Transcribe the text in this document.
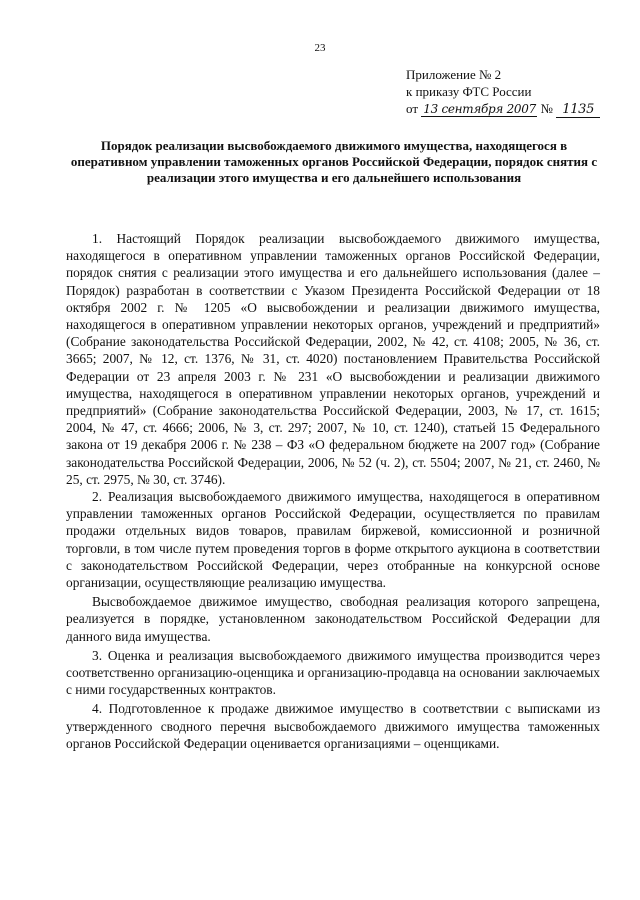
23
Приложение № 2
к приказу ФТС России
от 13 сентября 2007 № 1135
Порядок реализации высвобождаемого движимого имущества, находящегося в оперативном управлении таможенных органов Российской Федерации, порядок снятия с реализации этого имущества и его дальнейшего использования

1. Настоящий Порядок реализации высвобождаемого движимого имущества, находящегося в оперативном управлении таможенных органов Российской Федерации, порядок снятия с реализации этого имущества и его дальнейшего использования (далее – Порядок) разработан в соответствии с Указом Президента Российской Федерации от 18 октября 2002 г. № 1205 «О высвобождении и реализации движимого имущества, находящегося в оперативном управлении некоторых органов, учреждений и предприятий» (Собрание законодательства Российской Федерации, 2002, № 42, ст. 4108; 2005, № 36, ст. 3665; 2007, № 12, ст. 1376, № 31, ст. 4020) постановлением Правительства Российской Федерации от 23 апреля 2003 г. № 231 «О высвобождении и реализации движимого имущества, находящегося в оперативном управлении некоторых органов, учреждений и предприятий» (Собрание законодательства Российской Федерации, 2003, № 17, ст. 1615; 2004, № 47, ст. 4666; 2006, № 3, ст. 297; 2007, № 10, ст. 1240), статьей 15 Федерального закона от 19 декабря 2006 г. № 238 – ФЗ «О федеральном бюджете на 2007 год» (Собрание законодательства Российской Федерации, 2006, № 52 (ч. 2), ст. 5504; 2007, № 21, ст. 2460, № 25, ст. 2975, № 30, ст. 3746).

2. Реализация высвобождаемого движимого имущества, находящегося в оперативном управлении таможенных органов Российской Федерации, осуществляется по правилам продажи отдельных видов товаров, правилам биржевой, комиссионной и розничной торговли, в том числе путем проведения торгов в форме открытого аукциона в соответствии с законодательством Российской Федерации, через отобранные на конкурсной основе организации, осуществляющие реализацию имущества.

Высвобождаемое движимое имущество, свободная реализация которого запрещена, реализуется в порядке, установленном законодательством Российской Федерации для данного вида имущества.

3. Оценка и реализация высвобождаемого движимого имущества производится через соответственно организацию-оценщика и организацию-продавца на основании заключаемых с ними государственных контрактов.

4. Подготовленное к продаже движимое имущество в соответствии с выписками из утвержденного сводного перечня высвобождаемого движимого имущества таможенных органов Российской Федерации оценивается организациями – оценщиками.
